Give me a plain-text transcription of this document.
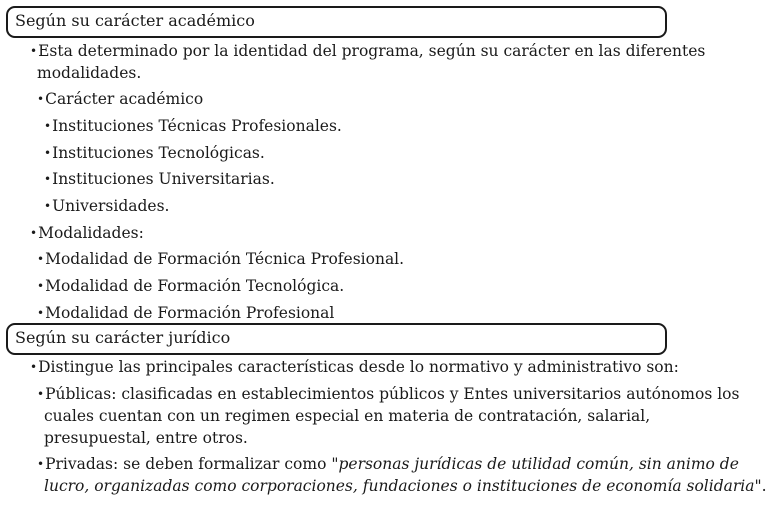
Según su carácter académico
•Esta determinado por la identidad del programa, según su carácter en las diferentes
modalidades.
•Carácter académico
•Instituciones Técnicas Profesionales.
•Instituciones Tecnológicas.
•Instituciones Universitarias.
•Universidades.
•Modalidades:
•Modalidad de Formación Técnica Profesional.
•Modalidad de Formación Tecnológica.
•Modalidad de Formación Profesional
Según su carácter jurídico
•Distingue las principales características desde lo normativo y administrativo son:
•Públicas: clasificadas en establecimientos públicos y Entes universitarios autónomos los
cuales cuentan con un regimen especial en materia de contratación, salarial,
presupuestal, entre otros.
•Privadas: se deben formalizar como "personas jurídicas de utilidad común, sin animo de
lucro, organizadas como corporaciones, fundaciones o instituciones de economía solidaria".
